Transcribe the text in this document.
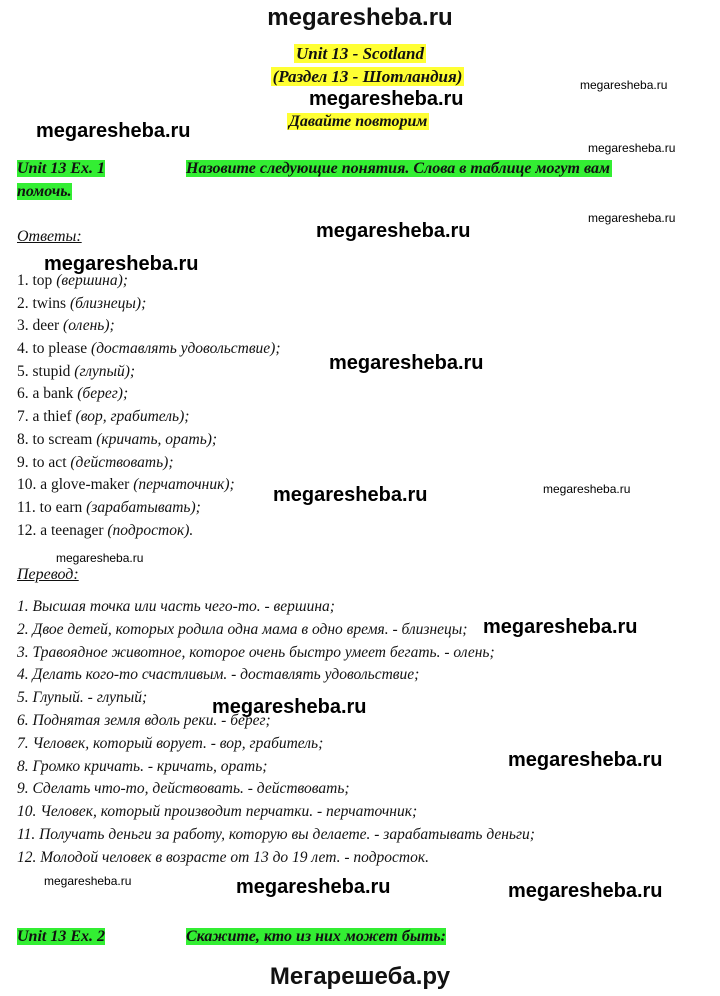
megaresheba.ru
Unit 13 - Scotland
(Раздел 13 - Шотландия)
Давайте повторим
Unit 13 Ex. 1	Назовите следующие понятия. Слова в таблице могут вам
помочь.
Ответы:
1. top (вершина);
2. twins (близнецы);
3. deer (олень);
4. to please (доставлять удовольствие);
5. stupid (глупый);
6. a bank (берег);
7. a thief (вор, грабитель);
8. to scream (кричать, орать);
9. to act (действовать);
10. a glove-maker (перчаточник);
11. to earn (зарабатывать);
12. a teenager (подросток).
Перевод:
1. Высшая точка или часть чего-то. - вершина;
2. Двое детей, которых родила одна мама в одно время. - близнецы;
3. Травоядное животное, которое очень быстро умеет бегать. - олень;
4. Делать кого-то счастливым. - доставлять удовольствие;
5. Глупый. - глупый;
6. Поднятая земля вдоль реки. - берег;
7. Человек, который ворует. - вор, грабитель;
8. Громко кричать. - кричать, орать;
9. Сделать что-то, действовать. - действовать;
10. Человек, который производит перчатки. - перчаточник;
11. Получать деньги за работу, которую вы делаете. - зарабатывать деньги;
12. Молодой человек в возрасте от 13 до 19 лет. - подросток.
Unit 13 Ex. 2	Скажите, кто из них может быть:
megaresheba.ru
megaresheba.ru
megaresheba.ru
megaresheba.ru
megaresheba.ru
megaresheba.ru
megaresheba.ru
megaresheba.ru
megaresheba.ru
megaresheba.ru
megaresheba.ru
megaresheba.ru
megaresheba.ru
megaresheba.ru
megaresheba.ru	megaresheba.ru	megaresheba.ru
Мегарешеба.ру
